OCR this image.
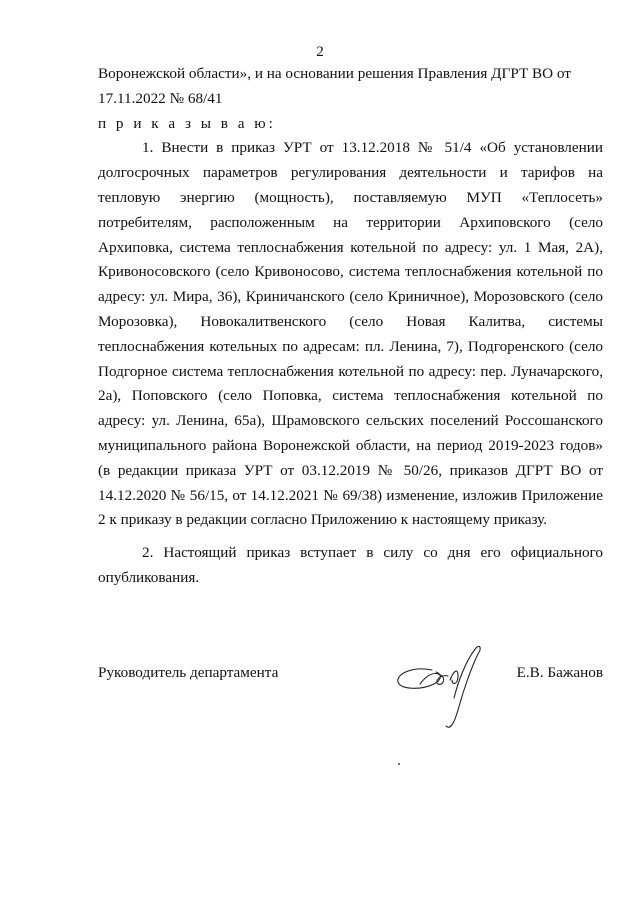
2

Воронежской области», и на основании решения Правления ДГРТ ВО от 17.11.2022 № 68/41

п р и к а з ы в а ю:

1. Внести в приказ УРТ от 13.12.2018 № 51/4 «Об установлении долгосрочных параметров регулирования деятельности и тарифов на тепловую энергию (мощность), поставляемую МУП «Теплосеть» потребителям, расположенным на территории Архиповского (село Архиповка, система теплоснабжения котельной по адресу: ул. 1 Мая, 2А), Кривоносовского (село Кривоносово, система теплоснабжения котельной по адресу: ул. Мира, 36), Криничанского (село Криничное), Морозовского (село Морозовка), Новокалитвенского (село Новая Калитва, системы теплоснабжения котельных по адресам: пл. Ленина, 7), Подгоренского (село Подгорное система теплоснабжения котельной по адресу: пер. Луначарского, 2а), Поповского (село Поповка, система теплоснабжения котельной по адресу: ул. Ленина, 65а), Шрамовского сельских поселений Россошанского муниципального района Воронежской области, на период 2019-2023 годов» (в редакции приказа УРТ от 03.12.2019 № 50/26, приказов ДГРТ ВО от 14.12.2020 № 56/15, от 14.12.2021 № 69/38) изменение, изложив Приложение 2 к приказу в редакции согласно Приложению к настоящему приказу.

2. Настоящий приказ вступает в силу со дня его официального опубликования.

Руководитель департамента	Е.В. Бажанов
